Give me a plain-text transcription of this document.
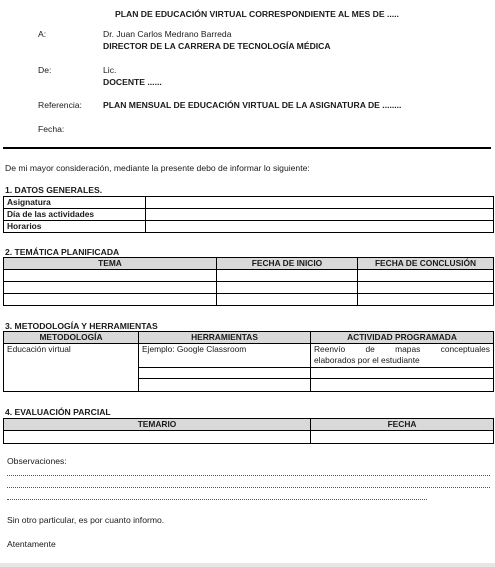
PLAN DE EDUCACIÓN VIRTUAL CORRESPONDIENTE AL MES DE .....
A:	Dr. Juan Carlos Medrano Barreda
DIRECTOR DE LA CARRERA DE TECNOLOGÍA MÉDICA
De:	Lic.
DOCENTE ......
Referencia: PLAN MENSUAL DE EDUCACIÓN VIRTUAL DE LA ASIGNATURA DE ........
Fecha:
De mi mayor consideración, mediante la presente debo de informar lo siguiente:
1. DATOS GENERALES.
Asignatura	
Día de las actividades	
Horarios	
2. TEMÁTICA PLANIFICADA
TEMA	FECHA DE INICIO	FECHA DE CONCLUSIÓN

3. METODOLOGÍA Y HERRAMIENTAS
METODOLOGÍA	HERRAMIENTAS	ACTIVIDAD PROGRAMADA
Educación virtual	Ejemplo: Google Classroom	Reenvío de mapas conceptuales
elaborados por el estudiante

4. EVALUACIÓN PARCIAL
TEMARIO	FECHA

Observaciones:
Sin otro particular, es por cuanto informo.
Atentamente
